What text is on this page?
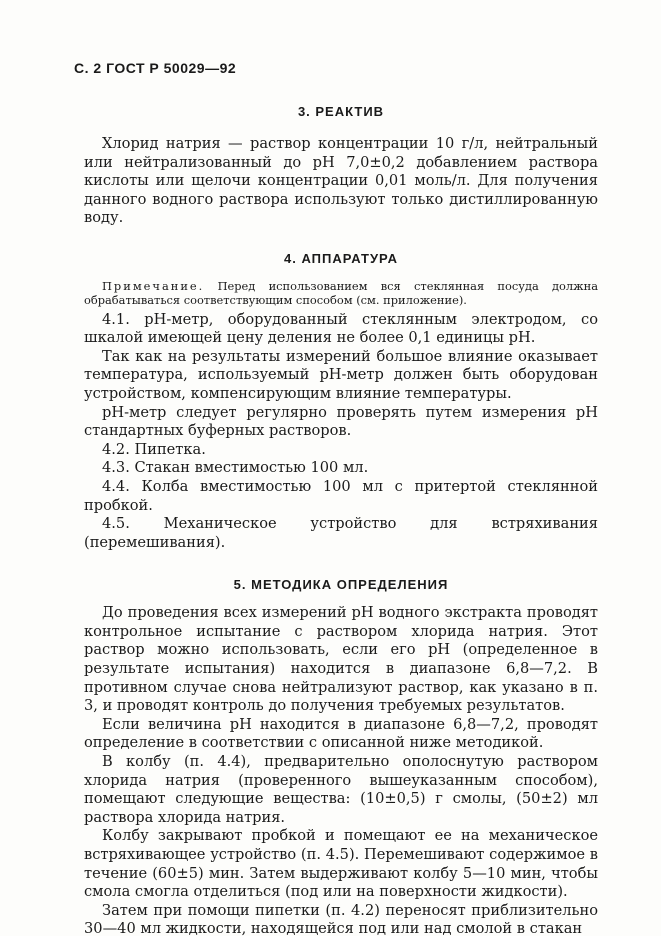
С. 2 ГОСТ Р 50029—92
3. РЕАКТИВ

Хлорид натрия — раствор концентрации 10 г/л, нейтральный или нейтрализованный до pH 7,0±0,2 добавлением раствора кислоты или щелочи концентрации 0,01 моль/л. Для получения данного водного раствора используют только дистиллированную воду.

4. АППАРАТУРА

Примечание. Перед использованием вся стеклянная посуда должна обрабатываться соответствующим способом (см. приложение).

4.1. pH-метр, оборудованный стеклянным электродом, со шкалой имеющей цену деления не более 0,1 единицы pH.

Так как на результаты измерений большое влияние оказывает температура, используемый pH-метр должен быть оборудован устройством, компенсирующим влияние температуры.

pH-метр следует регулярно проверять путем измерения pH стандартных буферных растворов.

4.2. Пипетка.

4.3. Стакан вместимостью 100 мл.

4.4. Колба вместимостью 100 мл с притертой стеклянной пробкой.

4.5. Механическое устройство для встряхивания (перемешивания).

5. МЕТОДИКА ОПРЕДЕЛЕНИЯ

До проведения всех измерений pH водного экстракта проводят контрольное испытание с раствором хлорида натрия. Этот раствор можно использовать, если его pH (определенное в результате испытания) находится в диапазоне 6,8—7,2. В противном случае снова нейтрализуют раствор, как указано в п. 3, и проводят контроль до получения требуемых результатов.

Если величина pH находится в диапазоне 6,8—7,2, проводят определение в соответствии с описанной ниже методикой.

В колбу (п. 4.4), предварительно ополоснутую раствором хлорида натрия (проверенного вышеуказанным способом), помещают следующие вещества: (10±0,5) г смолы, (50±2) мл раствора хлорида натрия.

Колбу закрывают пробкой и помещают ее на механическое встряхивающее устройство (п. 4.5). Перемешивают содержимое в течение (60±5) мин. Затем выдерживают колбу 5—10 мин, чтобы смола смогла отделиться (под или на поверхности жидкости).

Затем при помощи пипетки (п. 4.2) переносят приблизительно 30—40 мл жидкости, находящейся под или над смолой в стакан
